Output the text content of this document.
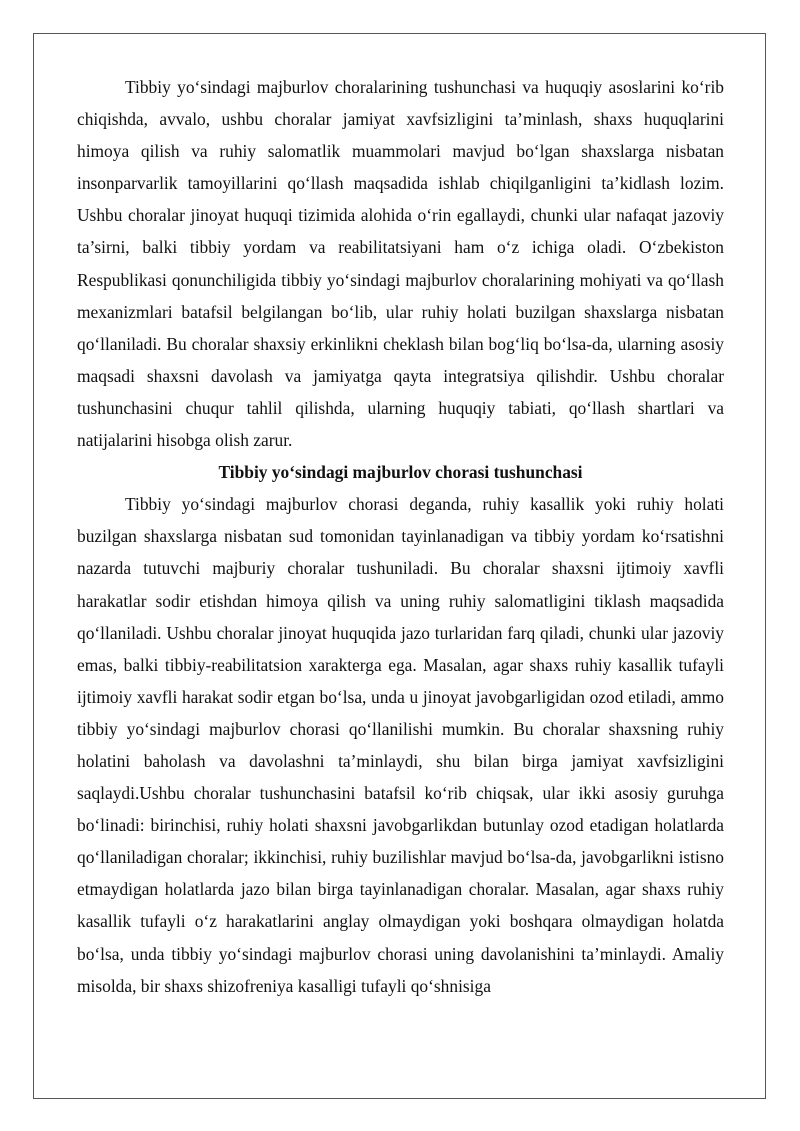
Tibbiy yo‘sindagi majburlov choralarining tushunchasi va huquqiy asoslarini ko‘rib chiqishda, avvalo, ushbu choralar jamiyat xavfsizligini ta’minlash, shaxs huquqlarini himoya qilish va ruhiy salomatlik muammolari mavjud bo‘lgan shaxslarga nisbatan insonparvarlik tamoyillarini qo‘llash maqsadida ishlab chiqilganligini ta’kidlash lozim. Ushbu choralar jinoyat huquqi tizimida alohida o‘rin egallaydi, chunki ular nafaqat jazoviy ta’sirni, balki tibbiy yordam va reabilitatsiyani ham o‘z ichiga oladi. O‘zbekiston Respublikasi qonunchiligida tibbiy yo‘sindagi majburlov choralarining mohiyati va qo‘llash mexanizmlari batafsil belgilangan bo‘lib, ular ruhiy holati buzilgan shaxslarga nisbatan qo‘llaniladi. Bu choralar shaxsiy erkinlikni cheklash bilan bog‘liq bo‘lsa-da, ularning asosiy maqsadi shaxsni davolash va jamiyatga qayta integratsiya qilishdir. Ushbu choralar tushunchasini chuqur tahlil qilishda, ularning huquqiy tabiati, qo‘llash shartlari va natijalarini hisobga olish zarur.

Tibbiy yo‘sindagi majburlov chorasi tushunchasi

Tibbiy yo‘sindagi majburlov chorasi deganda, ruhiy kasallik yoki ruhiy holati buzilgan shaxslarga nisbatan sud tomonidan tayinlanadigan va tibbiy yordam ko‘rsatishni nazarda tutuvchi majburiy choralar tushuniladi. Bu choralar shaxsni ijtimoiy xavfli harakatlar sodir etishdan himoya qilish va uning ruhiy salomatligini tiklash maqsadida qo‘llaniladi. Ushbu choralar jinoyat huquqida jazo turlaridan farq qiladi, chunki ular jazoviy emas, balki tibbiy-reabilitatsion xarakterga ega. Masalan, agar shaxs ruhiy kasallik tufayli ijtimoiy xavfli harakat sodir etgan bo‘lsa, unda u jinoyat javobgarligidan ozod etiladi, ammo tibbiy yo‘sindagi majburlov chorasi qo‘llanilishi mumkin. Bu choralar shaxsning ruhiy holatini baholash va davolashni ta’minlaydi, shu bilan birga jamiyat xavfsizligini saqlaydi.Ushbu choralar tushunchasini batafsil ko‘rib chiqsak, ular ikki asosiy guruhga bo‘linadi: birinchisi, ruhiy holati shaxsni javobgarlikdan butunlay ozod etadigan holatlarda qo‘llaniladigan choralar; ikkinchisi, ruhiy buzilishlar mavjud bo‘lsa-da, javobgarlikni istisno etmaydigan holatlarda jazo bilan birga tayinlanadigan choralar. Masalan, agar shaxs ruhiy kasallik tufayli o‘z harakatlarini anglay olmaydigan yoki boshqara olmaydigan holatda bo‘lsa, unda tibbiy yo‘sindagi majburlov chorasi uning davolanishini ta’minlaydi. Amaliy misolda, bir shaxs shizofreniya kasalligi tufayli qo‘shnisiga
